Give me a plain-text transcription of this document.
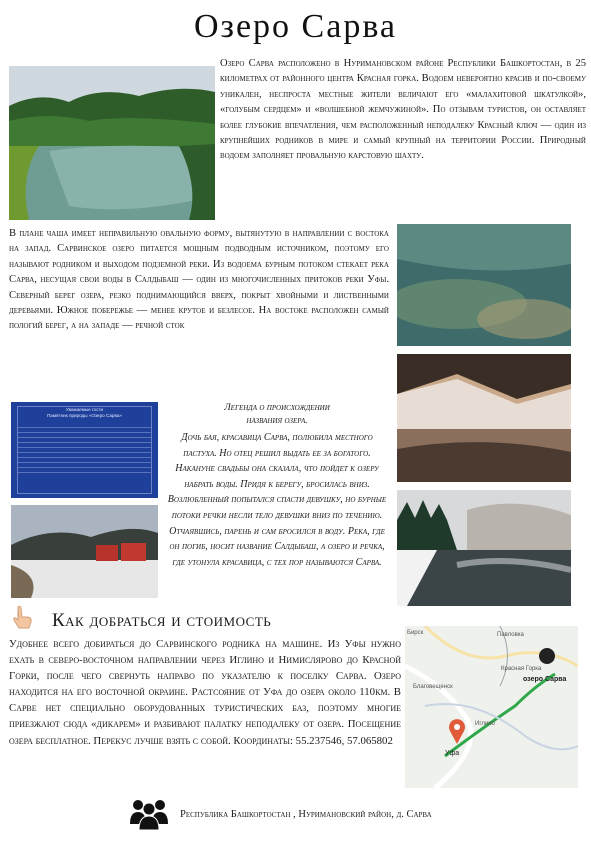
Озеро Сарва

Озеро Сарва расположено в Нуримановском районе Республики Башкортостан, в 25 километрах от районного центра Красная горка. Водоем невероятно красив и по-своему уникален, неспроста местные жители величают его «малахитовой шкатулкой», «голубым сердцем» и «волшебной жемчужиной». По отзывам туристов, он оставляет более глубокие впечатления, чем расположенный неподалеку Красный ключ — один из крупнейших родников в мире и самый крупный на территории России. Природный водоем заполняет провальную карстовую шахту.

В плане чаша имеет неправильную овальную форму, вытянутую в направлении с востока на запад. Сарвинское озеро питается мощным подводным источником, поэтому его называют родником и выходом подземной реки. Из водоема бурным потоком стекает река Сарва, несущая свои воды в Салдыбаш — один из многочисленных притоков реки Уфы. Северный берег озера, резко поднимающийся вверх, покрыт хвойными и лиственными деревьями. Южное побережье — менее крутое и безлесое. На востоке расположен самый пологий берег, а на западе — речной сток

Уважаемые гости
Памятник природы «Озеро Сарва»
Легенда о происхождении
названия озера.

Дочь бая, красавица Сарва, полюбила местного пастуха. Но отец решил выдать ее за богатого. Накануне свадьбы она сказала, что пойдет к озеру набрать воды. Придя к берегу, бросилась вниз. Возлюбленный попытался спасти девушку, но бурные потоки речки несли тело девушки вниз по течению. Отчаявшись, парень и сам бросился в воду. Река, где он погиб, носит название Салдыбаш, а озеро и речка, где утонула красавица, с тех пор называются Сарва.

Как добраться и стоимость

Удобнее всего добираться до Сарвинского родника на машине. Из Уфы нужно ехать в северо-восточном направлении через Иглино и Нимислярово до Красной Горки, после чего свернуть направо по указателю к поселку Сарва. Озеро находится на его восточной окраине. Растсояние от Уфа до озера около 110км. В Сарве нет специально оборудованных туристических баз, поэтому многие приезжают сюда «дикарем» и разбивают палатку неподалеку от озера. Посещение озера бесплатное. Перекус лучше взять с собой. Координаты: 55.237546, 57.065802

Бирск	Павловка
Красная Горка
озеро Сарва
Благовещенск
Иглино
Уфа
Республика Башкортостан , Нуримановский район, д. Сарва
